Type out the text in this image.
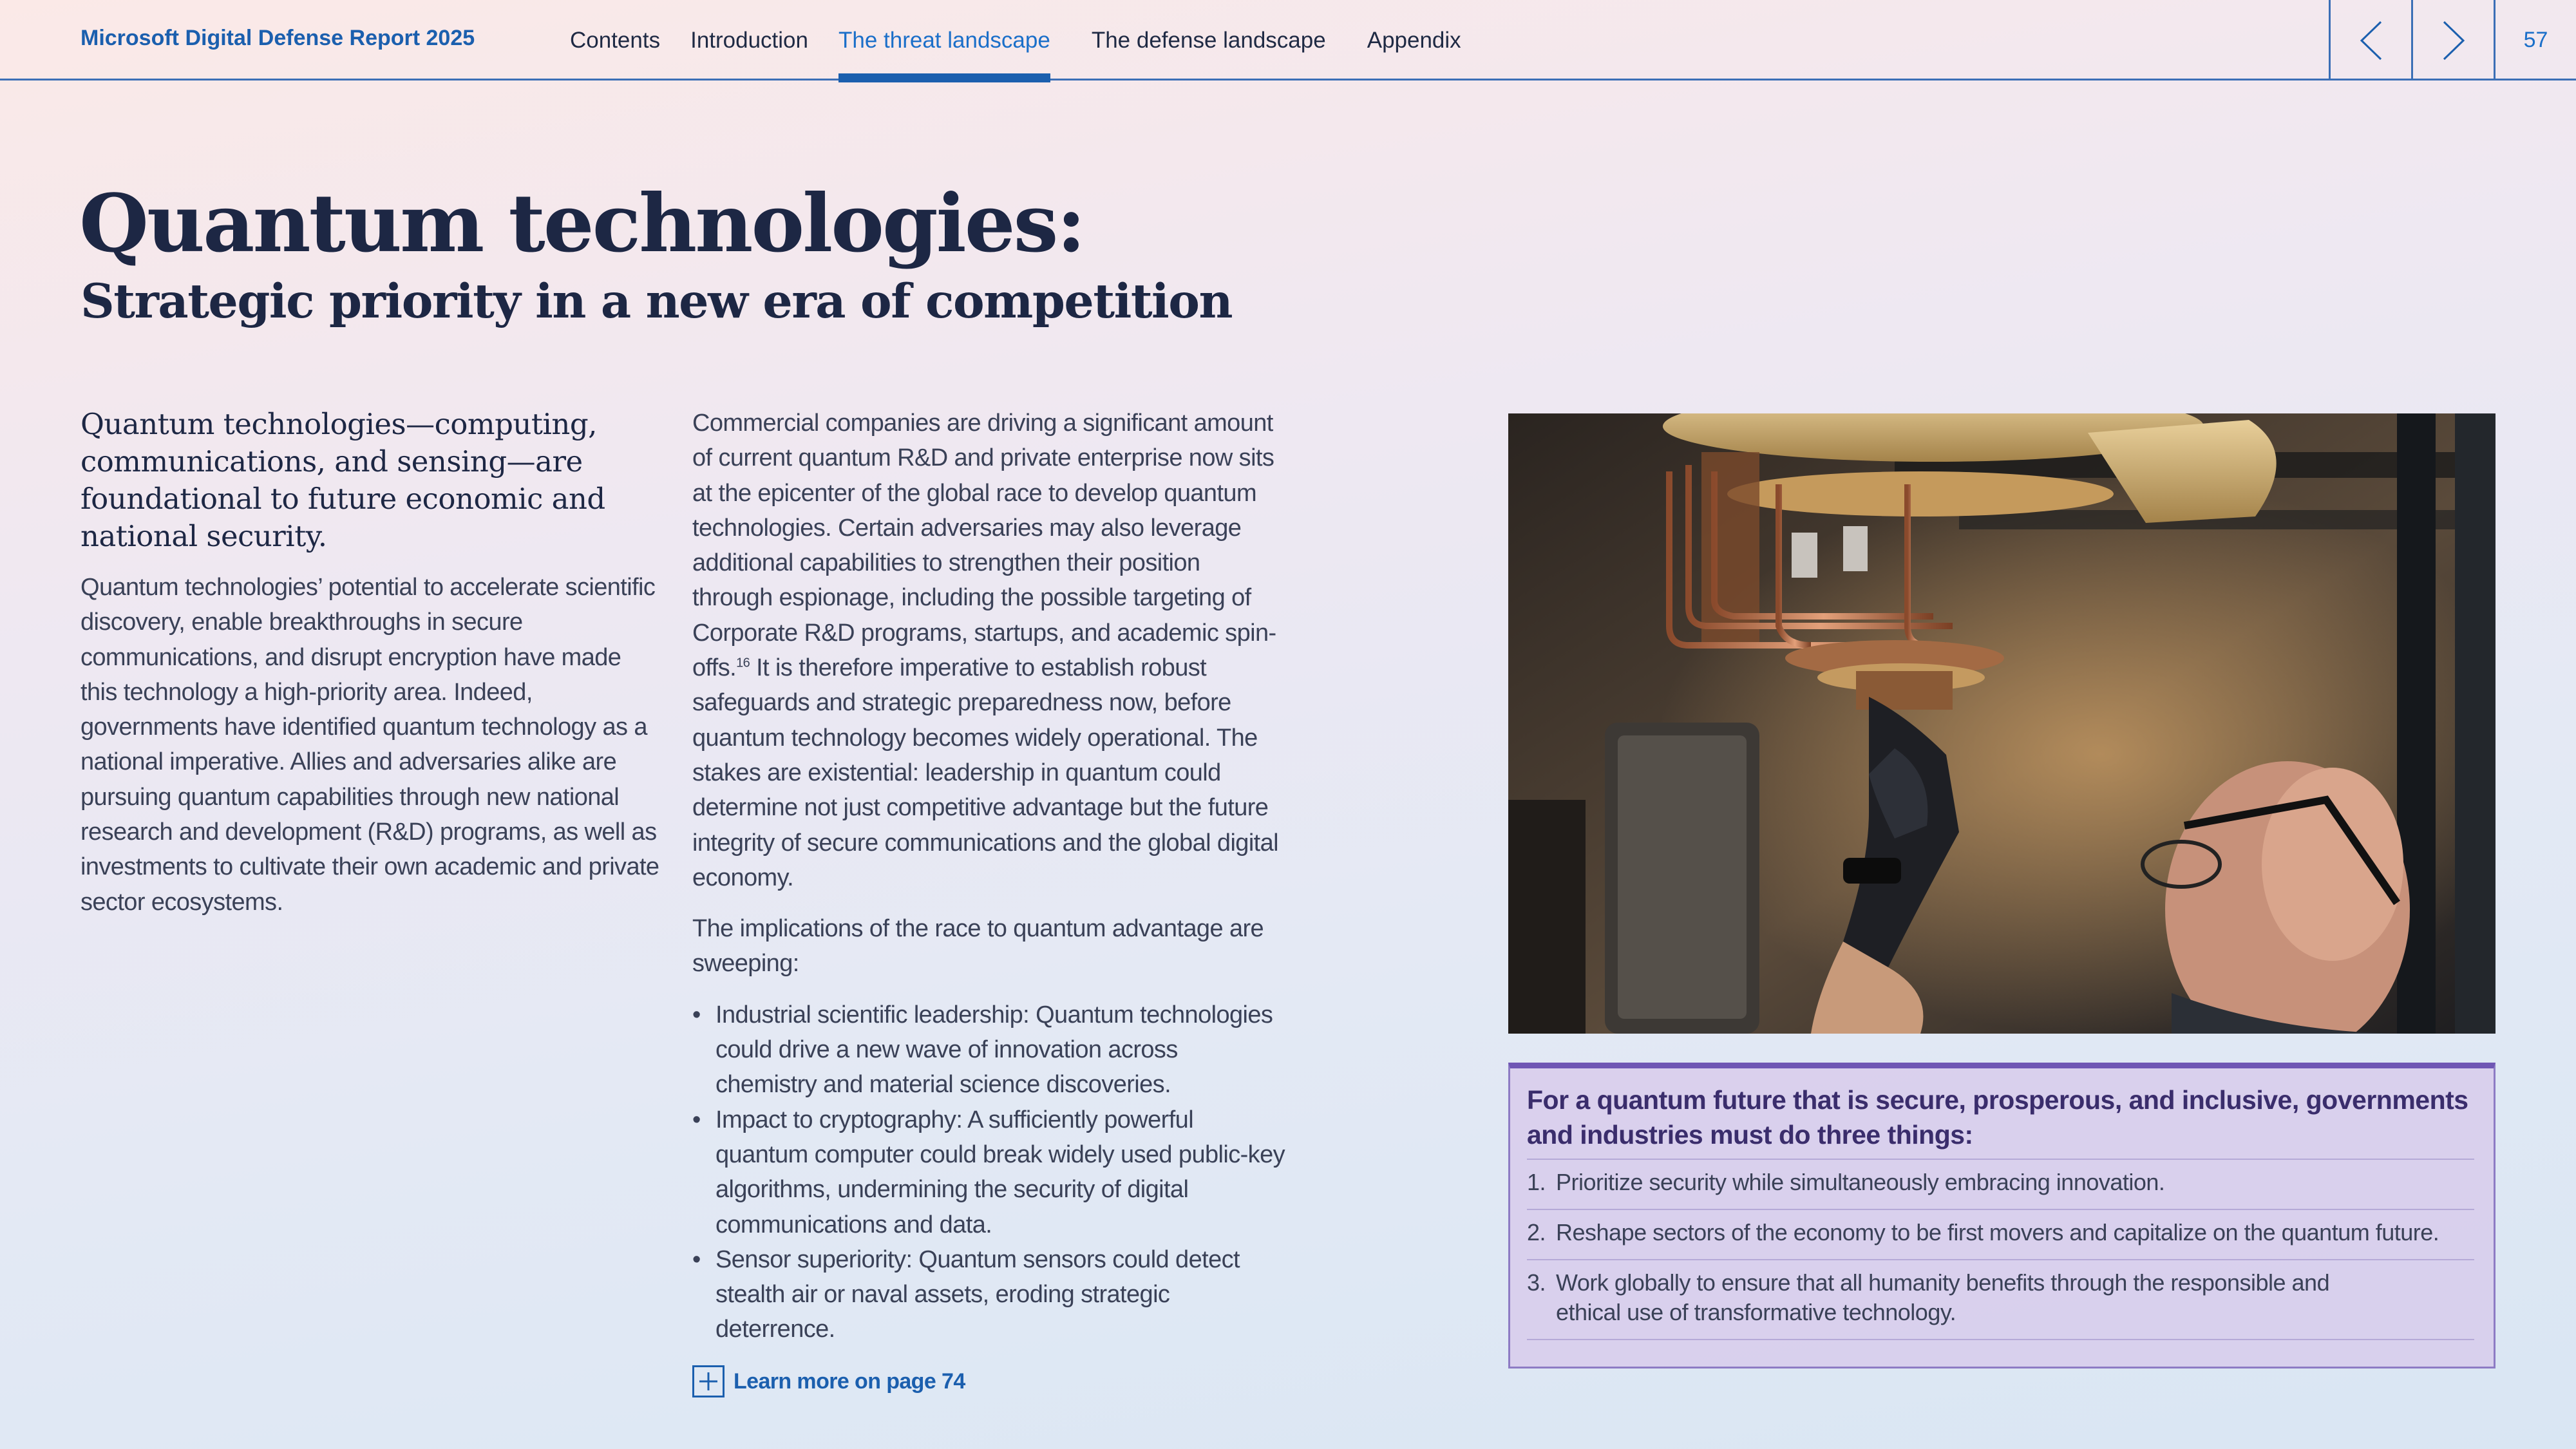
Microsoft Digital Defense Report 2025	Contents Introduction The threat landscape The defense landscape Appendix	57
Quantum technologies:
Strategic priority in a new era of competition

Quantum technologies—computing, communications, and sensing—are foundational to future economic and national security.

Quantum technologies’ potential to accelerate scientific discovery, enable breakthroughs in secure communications, and disrupt encryption have made this technology a high-priority area. Indeed, governments have identified quantum technology as a national imperative. Allies and adversaries alike are pursuing quantum capabilities through new national research and development (R&D) programs, as well as investments to cultivate their own academic and private sector ecosystems.

Commercial companies are driving a significant amount of current quantum R&D and private enterprise now sits at the epicenter of the global race to develop quantum technologies. Certain adversaries may also leverage additional capabilities to strengthen their position through espionage, including the possible targeting of Corporate R&D programs, startups, and academic spin-offs.$^{16}$ It is therefore imperative to establish robust safeguards and strategic preparedness now, before quantum technology becomes widely operational. The stakes are existential: leadership in quantum could determine not just competitive advantage but the future integrity of secure communications and the global digital economy.

The implications of the race to quantum advantage are sweeping:

• Industrial scientific leadership: Quantum technologies could drive a new wave of innovation across chemistry and material science discoveries.
• Impact to cryptography: A sufficiently powerful quantum computer could break widely used public-key algorithms, undermining the security of digital communications and data.
• Sensor superiority: Quantum sensors could detect stealth air or naval assets, eroding strategic deterrence.
Learn more on page 74
For a quantum future that is secure, prosperous, and inclusive, governments and industries must do three things:
1. Prioritize security while simultaneously embracing innovation.
2. Reshape sectors of the economy to be first movers and capitalize on the quantum future.
3. Work globally to ensure that all humanity benefits through the responsible and ethical use of transformative technology.
